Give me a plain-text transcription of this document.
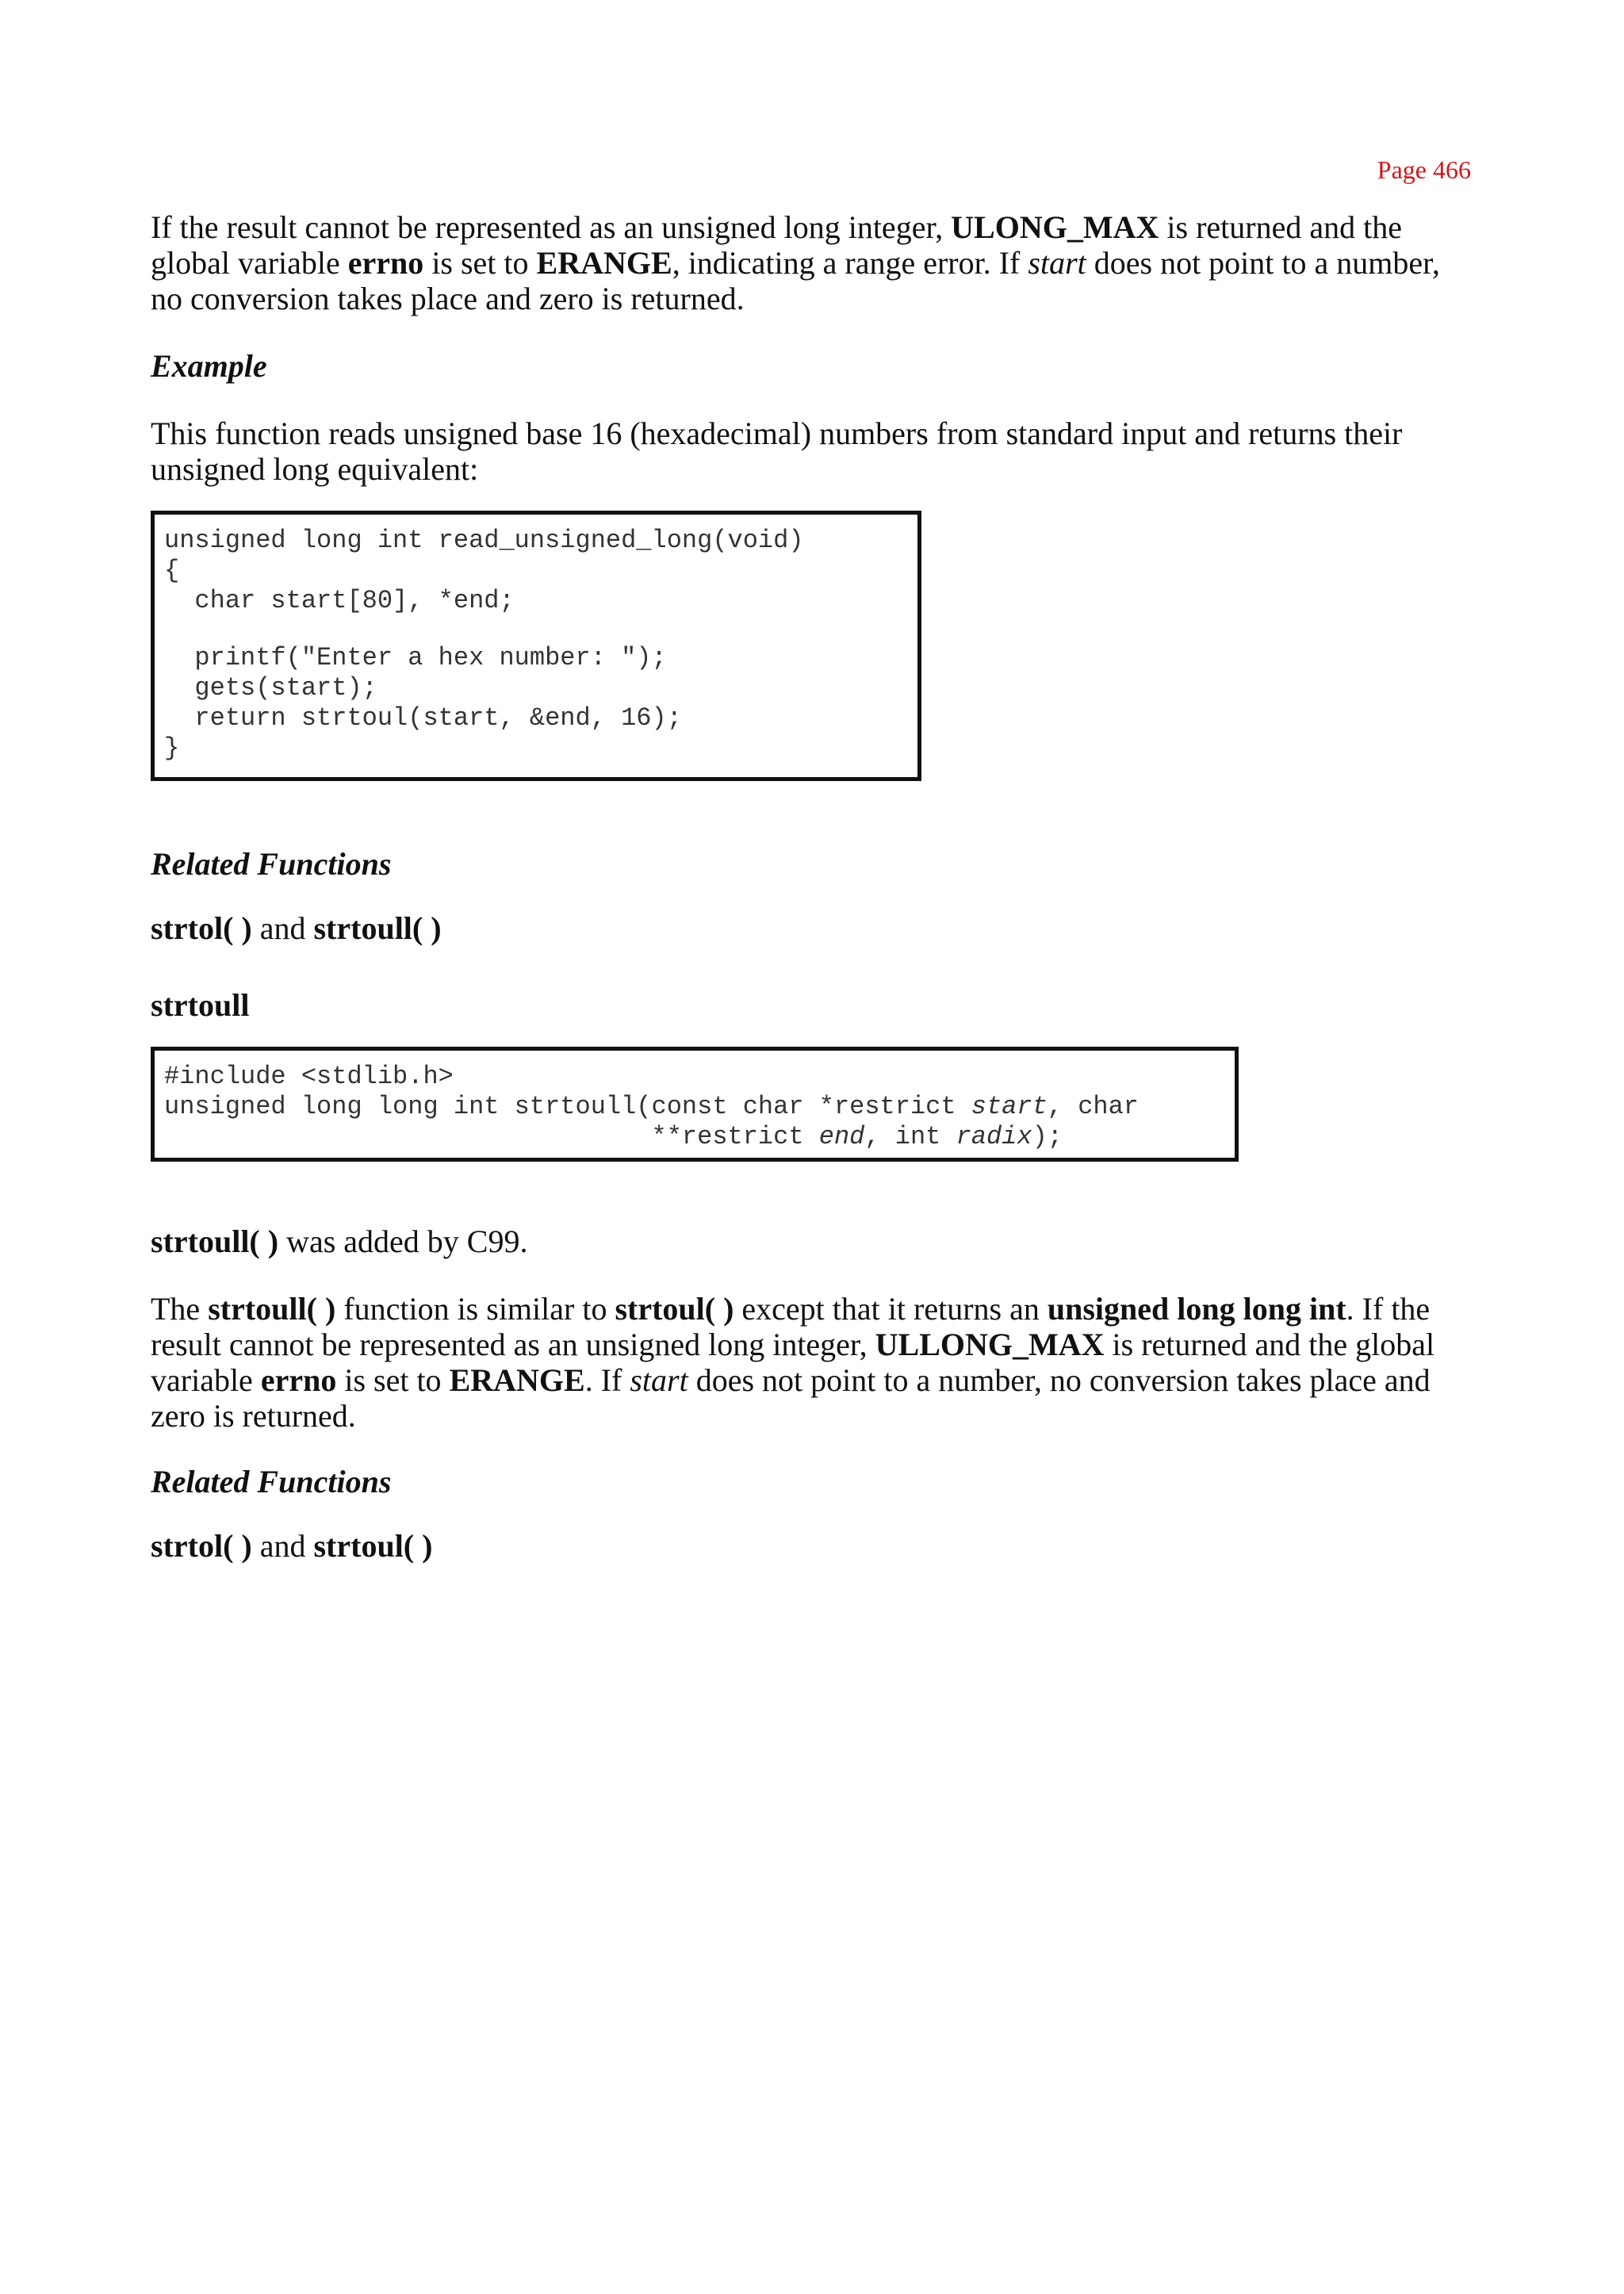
Page 466

If the result cannot be represented as an unsigned long integer, ULONG_MAX is returned and the global variable errno is set to ERANGE, indicating a range error. If start does not point to a number, no conversion takes place and zero is returned.

Example

This function reads unsigned base 16 (hexadecimal) numbers from standard input and returns their unsigned long equivalent:

unsigned long int read_unsigned_long(void)
{
char start[80], *end;
printf("Enter a hex number: ");
gets(start);
return strtoul(start, &end, 16);
}

Related Functions

strtol( ) and strtoull( )

strtoull

#include <stdlib.h>
unsigned long long int strtoull(const char *restrict start, char
**restrict end, int radix);

strtoull( ) was added by C99.

The strtoull( ) function is similar to strtoul( ) except that it returns an unsigned long long int. If the result cannot be represented as an unsigned long integer, ULLONG_MAX is returned and the global variable errno is set to ERANGE. If start does not point to a number, no conversion takes place and zero is returned.

Related Functions

strtol( ) and strtoul( )
